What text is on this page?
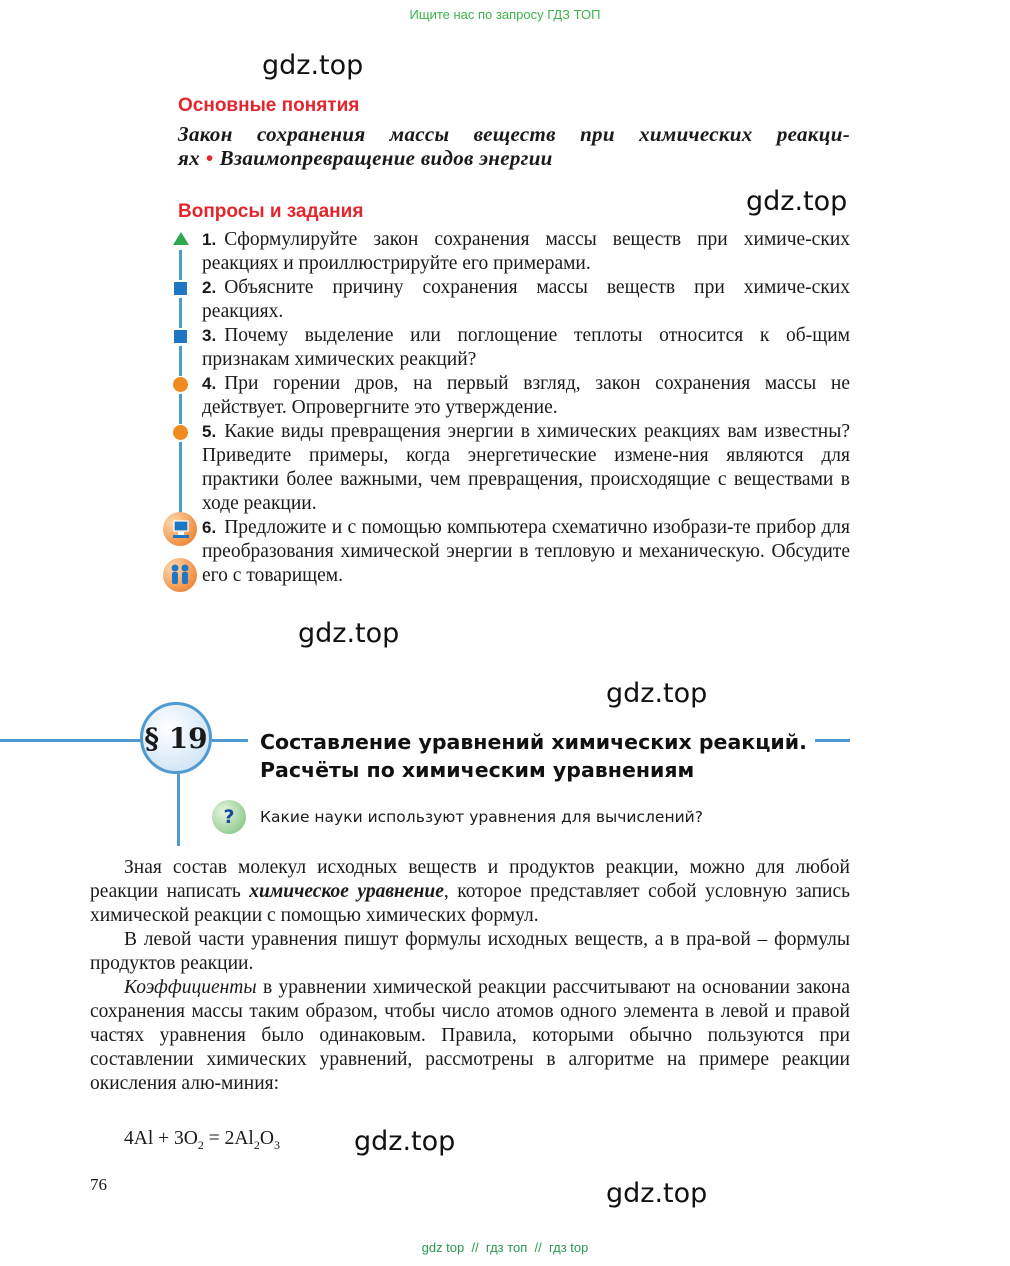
Ищите нас по запросу ГДЗ ТОП
gdz.top
Основные понятия
Закон сохранения массы веществ при химических реакци-ях • Взаимопревращение видов энергии
Вопросы и задания	gdz.top

1. Сформулируйте закон сохранения массы веществ при химиче-ских реакциях и проиллюстрируйте его примерами.

2. Объясните причину сохранения массы веществ при химиче-ских реакциях.

3. Почему выделение или поглощение теплоты относится к об-щим признакам химических реакций?

4. При горении дров, на первый взгляд, закон сохранения массы не действует. Опровергните это утверждение.

5. Какие виды превращения энергии в химических реакциях вам известны? Приведите примеры, когда энергетические измене-ния являются для практики более важными, чем превращения, происходящие с веществами в ходе реакции.

6. Предложите и с помощью компьютера схематично изобрази-те прибор для преобразования химической энергии в тепловую и механическую. Обсудите его с товарищем.

gdz.top
gdz.top
§ 19	Составление уравнений химических реакций.
Расчёты по химическим уравнениям
?	Какие науки используют уравнения для вычислений?

Зная состав молекул исходных веществ и продуктов реакции, можно для любой реакции написать химическое уравнение, которое представляет собой условную запись химической реакции с помощью химических формул.

В левой части уравнения пишут формулы исходных веществ, а в пра-вой – формулы продуктов реакции.

Коэффициенты в уравнении химической реакции рассчитывают на основании закона сохранения массы таким образом, чтобы число атомов одного элемента в левой и правой частях уравнения было одинаковым. Правила, которыми обычно пользуются при составлении химических уравнений, рассмотрены в алгоритме на примере реакции окисления алю-миния:

$4Al + 3O_2 = 2Al_2O_3$	gdz.top
gdz.top
76
gdz top  //  гдз топ  //  гдз top
